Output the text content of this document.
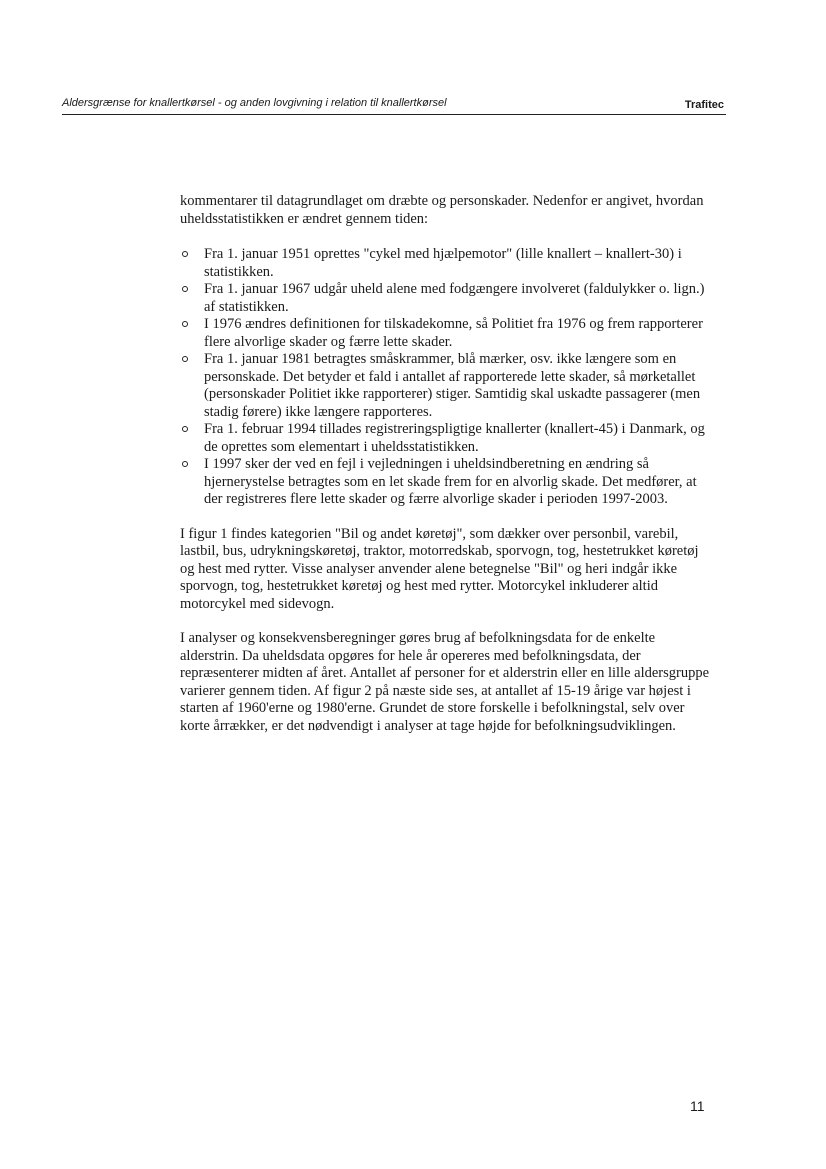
Aldersgrænse for knallertkørsel - og anden lovgivning i relation til knallertkørsel	Trafitec

kommentarer til datagrundlaget om dræbte og personskader. Nedenfor er angivet, hvordan uheldsstatistikken er ændret gennem tiden:

Fra 1. januar 1951 oprettes "cykel med hjælpemotor" (lille knallert – knallert-30) i statistikken.
Fra 1. januar 1967 udgår uheld alene med fodgængere involveret (faldulykker o. lign.) af statistikken.
I 1976 ændres definitionen for tilskadekomne, så Politiet fra 1976 og frem rapporterer flere alvorlige skader og færre lette skader.
Fra 1. januar 1981 betragtes småskrammer, blå mærker, osv. ikke længere som en personskade. Det betyder et fald i antallet af rapporterede lette skader, så mørketallet (personskader Politiet ikke rapporterer) stiger. Samtidig skal uskadte passagerer (men stadig førere) ikke længere rapporteres.
Fra 1. februar 1994 tillades registreringspligtige knallerter (knallert-45) i Danmark, og de oprettes som elementart i uheldsstatistikken.
I 1997 sker der ved en fejl i vejledningen i uheldsindberetning en ændring så hjernerystelse betragtes som en let skade frem for en alvorlig skade. Det medfører, at der registreres flere lette skader og færre alvorlige skader i perioden 1997-2003.

I figur 1 findes kategorien "Bil og andet køretøj", som dækker over personbil, varebil, lastbil, bus, udrykningskøretøj, traktor, motorredskab, sporvogn, tog, hestetrukket køretøj og hest med rytter. Visse analyser anvender alene betegnelse "Bil" og heri indgår ikke sporvogn, tog, hestetrukket køretøj og hest med rytter. Motorcykel inkluderer altid motorcykel med sidevogn.

I analyser og konsekvensberegninger gøres brug af befolkningsdata for de enkelte alderstrin. Da uheldsdata opgøres for hele år opereres med befolkningsdata, der repræsenterer midten af året. Antallet af personer for et alderstrin eller en lille aldersgruppe varierer gennem tiden. Af figur 2 på næste side ses, at antallet af 15-19 årige var højest i starten af 1960'erne og 1980'erne. Grundet de store forskelle i befolkningstal, selv over korte årrækker, er det nødvendigt i analyser at tage højde for befolkningsudviklingen.

11
